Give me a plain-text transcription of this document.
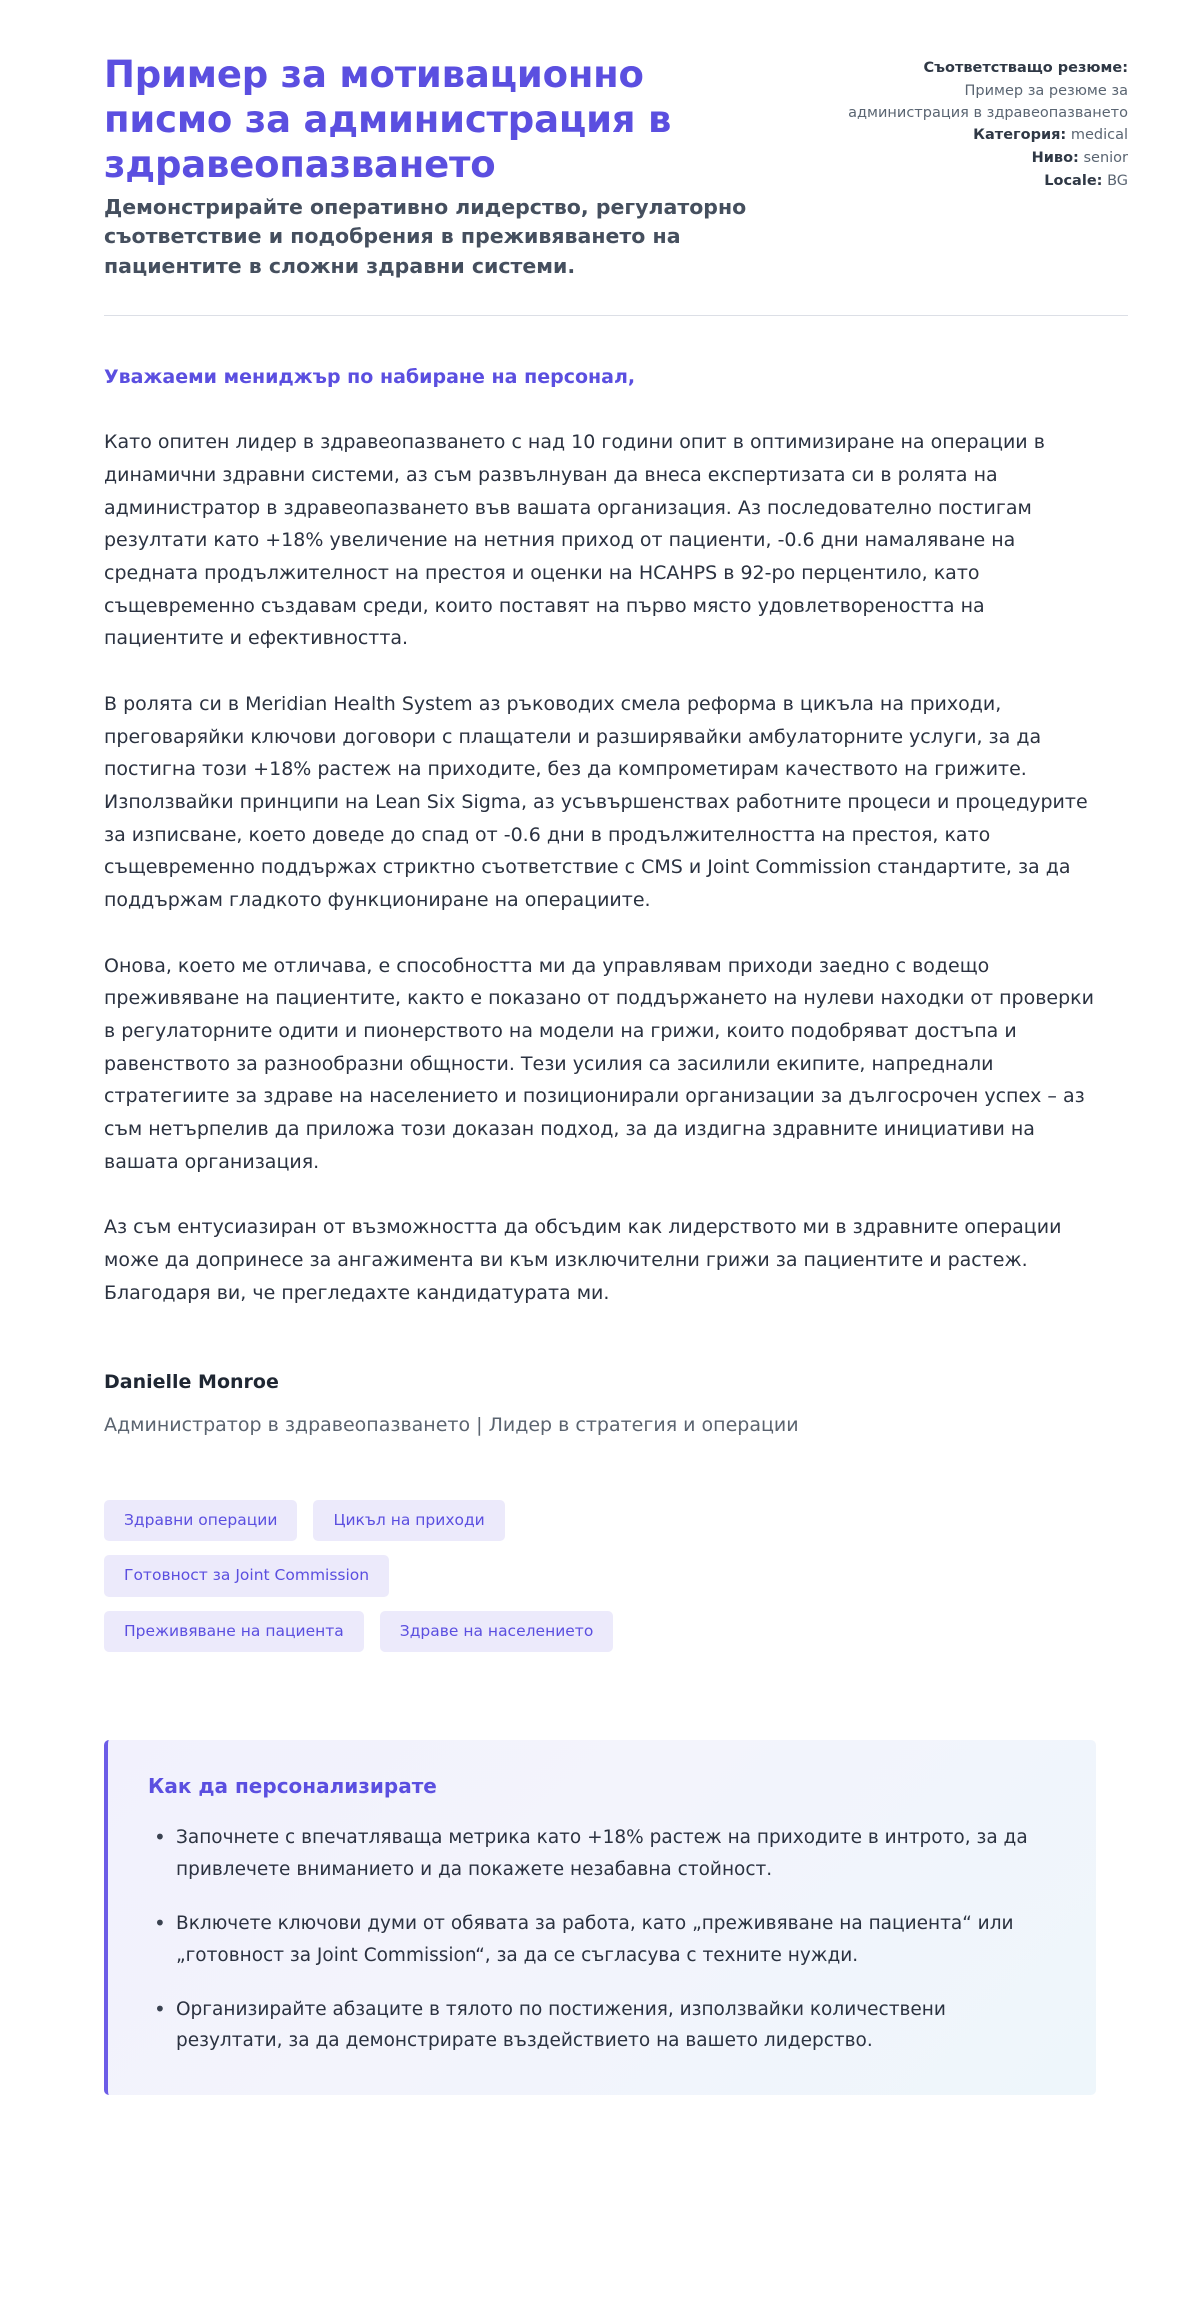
Пример за мотивационно писмо за администрация в здравеопазването

Демонстрирайте оперативно лидерство, регулаторно съответствие и подобрения в преживяването на пациентите в сложни здравни системи.

Съответстващо резюме:
Пример за резюме за администрация в здравеопазването
Категория: medical
Ниво: senior
Locale: BG

Уважаеми мениджър по набиране на персонал,

Като опитен лидер в здравеопазването с над 10 години опит в оптимизиране на операции в динамични здравни системи, аз съм развълнуван да внеса експертизата си в ролята на администратор в здравеопазването във вашата организация. Аз последователно постигам резултати като +18% увеличение на нетния приход от пациенти, -0.6 дни намаляване на средната продължителност на престоя и оценки на HCAHPS в 92-ро перцентило, като същевременно създавам среди, които поставят на първо място удовлетвореността на пациентите и ефективността.

В ролята си в Meridian Health System аз ръководих смела реформа в цикъла на приходи, преговаряйки ключови договори с плащатели и разширявайки амбулаторните услуги, за да постигна този +18% растеж на приходите, без да компрометирам качеството на грижите. Използвайки принципи на Lean Six Sigma, аз усъвършенствах работните процеси и процедурите за изписване, което доведе до спад от -0.6 дни в продължителността на престоя, като същевременно поддържах стриктно съответствие с CMS и Joint Commission стандартите, за да поддържам гладкото функциониране на операциите.

Онова, което ме отличава, е способността ми да управлявам приходи заедно с водещо преживяване на пациентите, както е показано от поддържането на нулеви находки от проверки в регулаторните одити и пионерството на модели на грижи, които подобряват достъпа и равенството за разнообразни общности. Тези усилия са засилили екипите, напреднали стратегиите за здраве на населението и позиционирали организации за дългосрочен успех – аз съм нетърпелив да приложа този доказан подход, за да издигна здравните инициативи на вашата организация.

Аз съм ентусиазиран от възможността да обсъдим как лидерството ми в здравните операции може да допринесе за ангажимента ви към изключителни грижи за пациентите и растеж. Благодаря ви, че прегледахте кандидатурата ми.

Danielle Monroe
Администратор в здравеопазването | Лидер в стратегия и операции
Здравни операции	Цикъл на приходи
Готовност за Joint Commission
Преживяване на пациента	Здраве на населението
Как да персонализирате
• Започнете с впечатляваща метрика като +18% растеж на приходите в интрото, за да привлечете вниманието и да покажете незабавна стойност.
• Включете ключови думи от обявата за работа, като „преживяване на пациента“ или „готовност за Joint Commission“, за да се съгласува с техните нужди.
• Организирайте абзаците в тялото по постижения, използвайки количествени резултати, за да демонстрирате въздействието на вашето лидерство.
